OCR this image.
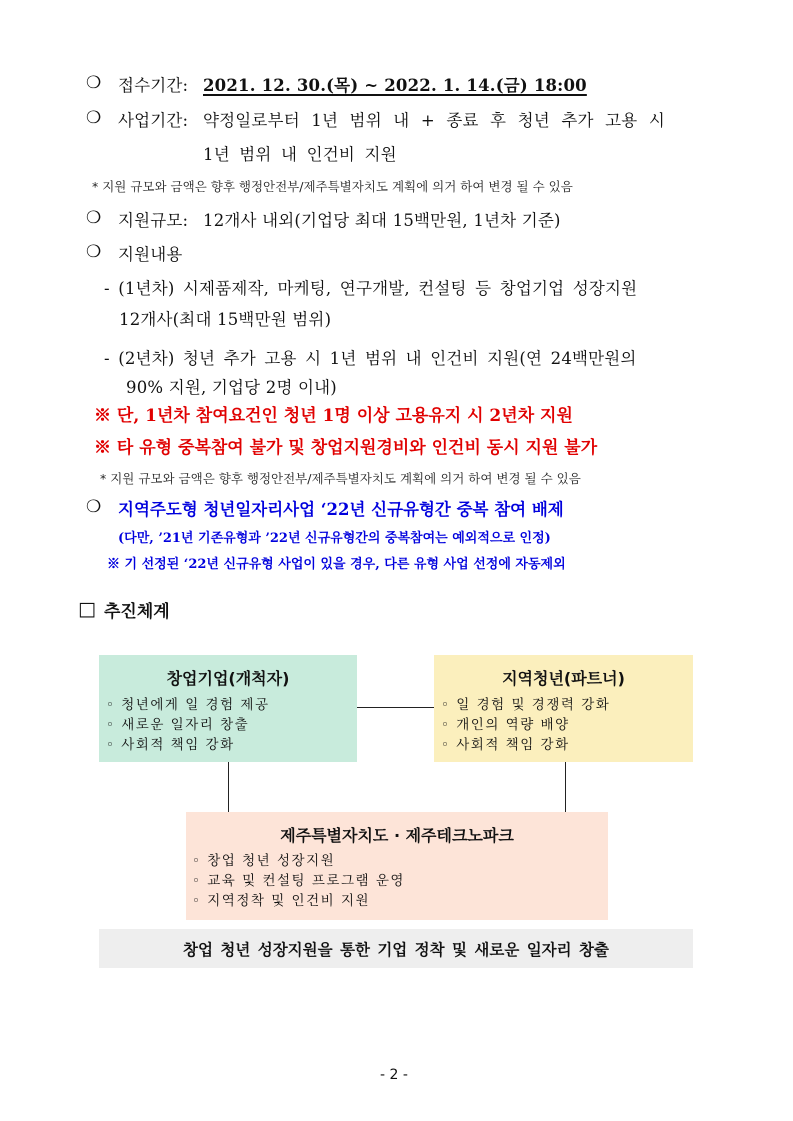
❍ 접수기간: 2021. 12. 30.(목) ~ 2022. 1. 14.(금) 18:00
❍ 사업기간: 약정일로부터 1년 범위 내 + 종료 후 청년 추가 고용 시
1년 범위 내 인건비 지원
* 지원 규모와 금액은 향후 행정안전부/제주특별자치도 계획에 의거 하여 변경 될 수 있음
❍ 지원규모: 12개사 내외(기업당 최대 15백만원, 1년차 기준)
❍ 지원내용
- (1년차) 시제품제작, 마케팅, 연구개발, 컨설팅 등 창업기업 성장지원
12개사(최대 15백만원 범위)
- (2년차) 청년 추가 고용 시 1년 범위 내 인건비 지원(연 24백만원의
90% 지원, 기업당 2명 이내)
※ 단, 1년차 참여요건인 청년 1명 이상 고용유지 시 2년차 지원
※ 타 유형 중복참여 불가 및 창업지원경비와 인건비 동시 지원 불가
* 지원 규모와 금액은 향후 행정안전부/제주특별자치도 계획에 의거 하여 변경 될 수 있음
❍ 지역주도형 청년일자리사업 ‘22년 신규유형간 중복 참여 배제
(다만, ’21년 기존유형과 ’22년 신규유형간의 중복참여는 예외적으로 인정)
※ 기 선정된 ‘22년 신규유형 사업이 있을 경우, 다른 유형 사업 선정에 자동제외
□ 추진체계
창업기업(개척자)
◦ 청년에게 일 경험 제공
◦ 새로운 일자리 창출
◦ 사회적 책임 강화
지역청년(파트너)
◦ 일 경험 및 경쟁력 강화
◦ 개인의 역량 배양
◦ 사회적 책임 강화
제주특별자치도 · 제주테크노파크
◦ 창업 청년 성장지원
◦ 교육 및 컨설팅 프로그램 운영
◦ 지역정착 및 인건비 지원
창업 청년 성장지원을 통한 기업 정착 및 새로운 일자리 창출
- 2 -
